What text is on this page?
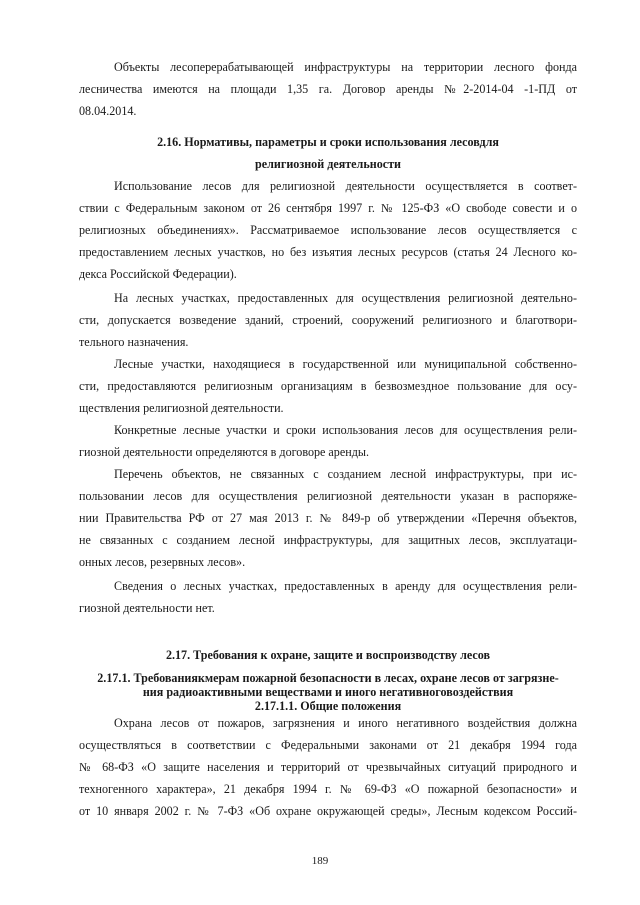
Объекты лесоперерабатывающей инфраструктуры на территории лесного фонда
лесничества имеются на площади 1,35 га. Договор аренды №2-2014-04 -1-ПД от
08.04.2014.
2.16. Нормативы, параметры и сроки использования лесовдля
религиозной деятельности
Использование лесов для религиозной деятельности осуществляется в соответ-
ствии с Федеральным законом от 26 сентября 1997 г. № 125-ФЗ «О свободе совести и о
религиозных объединениях». Рассматриваемое использование лесов осуществляется с
предоставлением лесных участков, но без изъятия лесных ресурсов (статья 24 Лесного ко-
декса Российской Федерации).
На лесных участках, предоставленных для осуществления религиозной деятельно-
сти, допускается возведение зданий, строений, сооружений религиозного и благотвори-
тельного назначения.
Лесные участки, находящиеся в государственной или муниципальной собственно-
сти, предоставляются религиозным организациям в безвозмездное пользование для осу-
ществления религиозной деятельности.
Конкретные лесные участки и сроки использования лесов для осуществления рели-
гиозной деятельности определяются в договоре аренды.
Перечень объектов, не связанных с созданием лесной инфраструктуры, при ис-
пользовании лесов для осуществления религиозной деятельности указан в распоряже-
нии Правительства РФ от 27 мая 2013 г. № 849-р об утверждении «Перечня объектов,
не связанных с созданием лесной инфраструктуры, для защитных лесов, эксплуатаци-
онных лесов, резервных лесов».
Сведения о лесных участках, предоставленных в аренду для осуществления рели-
гиозной деятельности нет.
2.17. Требования к охране, защите и воспроизводству лесов
2.17.1. Требованиякмерам пожарной безопасности в лесах, охране лесов от загрязне-
ния радиоактивными веществами и иного негативноговоздействия
2.17.1.1. Общие положения
Охрана лесов от пожаров, загрязнения и иного негативного воздействия должна
осуществляться в соответствии с Федеральными законами от 21 декабря 1994 года
№ 68-ФЗ «О защите населения и территорий от чрезвычайных ситуаций природного и
техногенного характера», 21 декабря 1994 г. № 69-ФЗ «О пожарной безопасности» и
от 10 января 2002 г. № 7-ФЗ «Об охране окружающей среды», Лесным кодексом Россий-
189
